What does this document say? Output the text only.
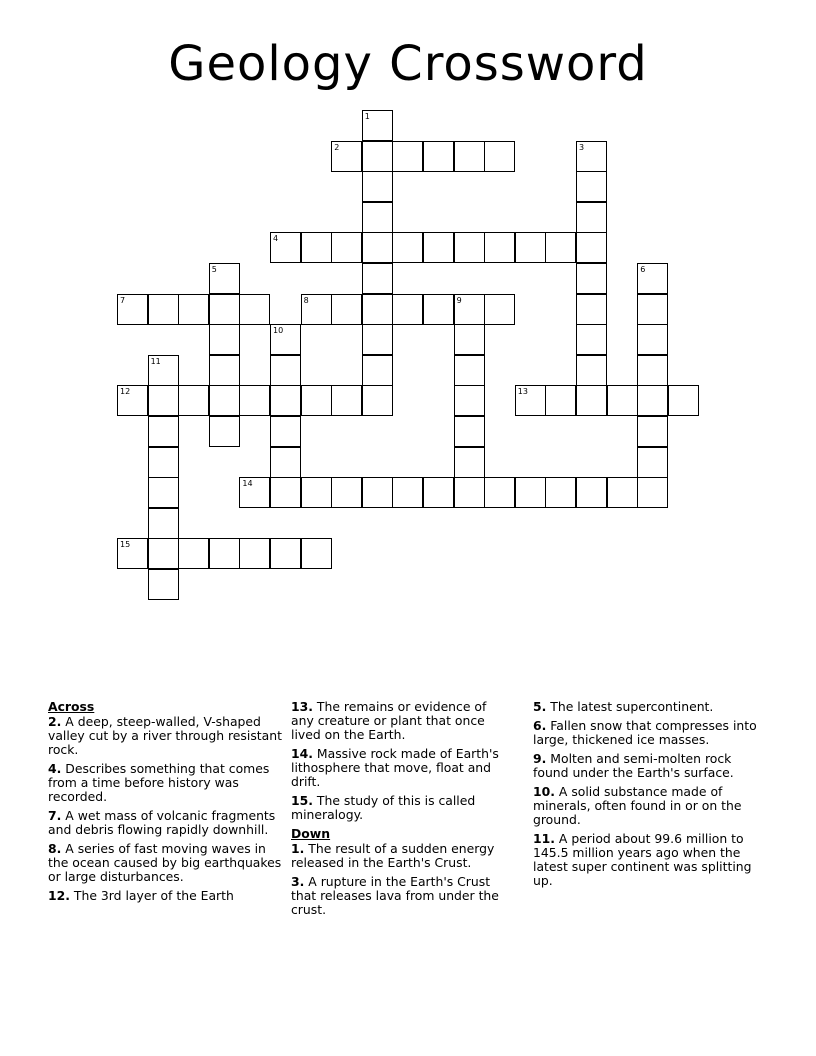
Geology Crossword
1
2	3
4
5	6
7	8	9
10
11
12	13
14
15
Across
2. A deep, steep-walled, V-shaped valley cut by a river through resistant rock.
4. Describes something that comes from a time before history was recorded.
7. A wet mass of volcanic fragments and debris flowing rapidly downhill.
8. A series of fast moving waves in the ocean caused by big earthquakes or large disturbances.
12. The 3rd layer of the Earth
13. The remains or evidence of any creature or plant that once lived on the Earth.
14. Massive rock made of Earth's lithosphere that move, float and drift.
15. The study of this is called mineralogy.
Down
1. The result of a sudden energy released in the Earth's Crust.
3. A rupture in the Earth's Crust that releases lava from under the crust.
5. The latest supercontinent.
6. Fallen snow that compresses into large, thickened ice masses.
9. Molten and semi-molten rock found under the Earth's surface.
10. A solid substance made of minerals, often found in or on the ground.
11. A period about 99.6 million to 145.5 million years ago when the latest super continent was splitting up.
